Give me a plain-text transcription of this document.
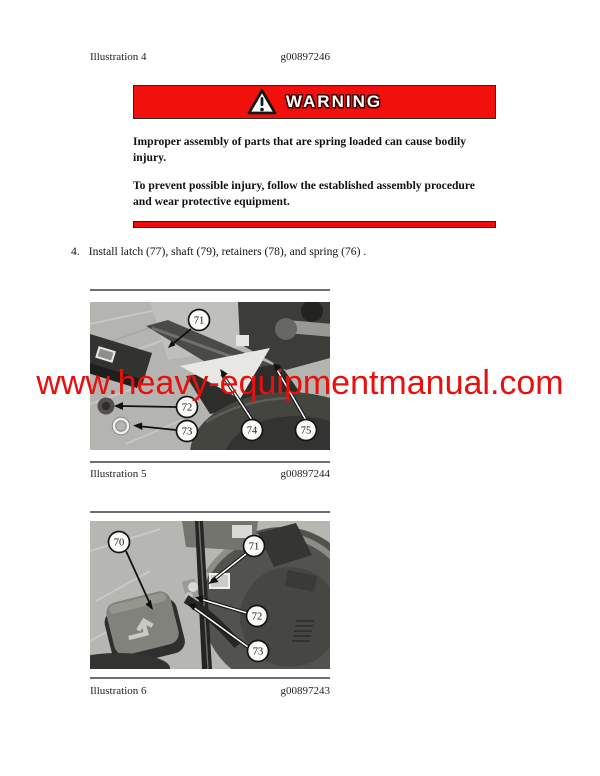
Illustration 4	g00897246
WARNING

Improper assembly of parts that are spring loaded can cause bodily injury.

To prevent possible injury, follow the established assembly procedure and wear protective equipment.

4. Install latch (77), shaft (79), retainers (78), and spring (76) .
71
72
73	74	75
Illustration 5	g00897244
www.heavy-equipmentmanual.com
70	71
72
73
Illustration 6	g00897243
